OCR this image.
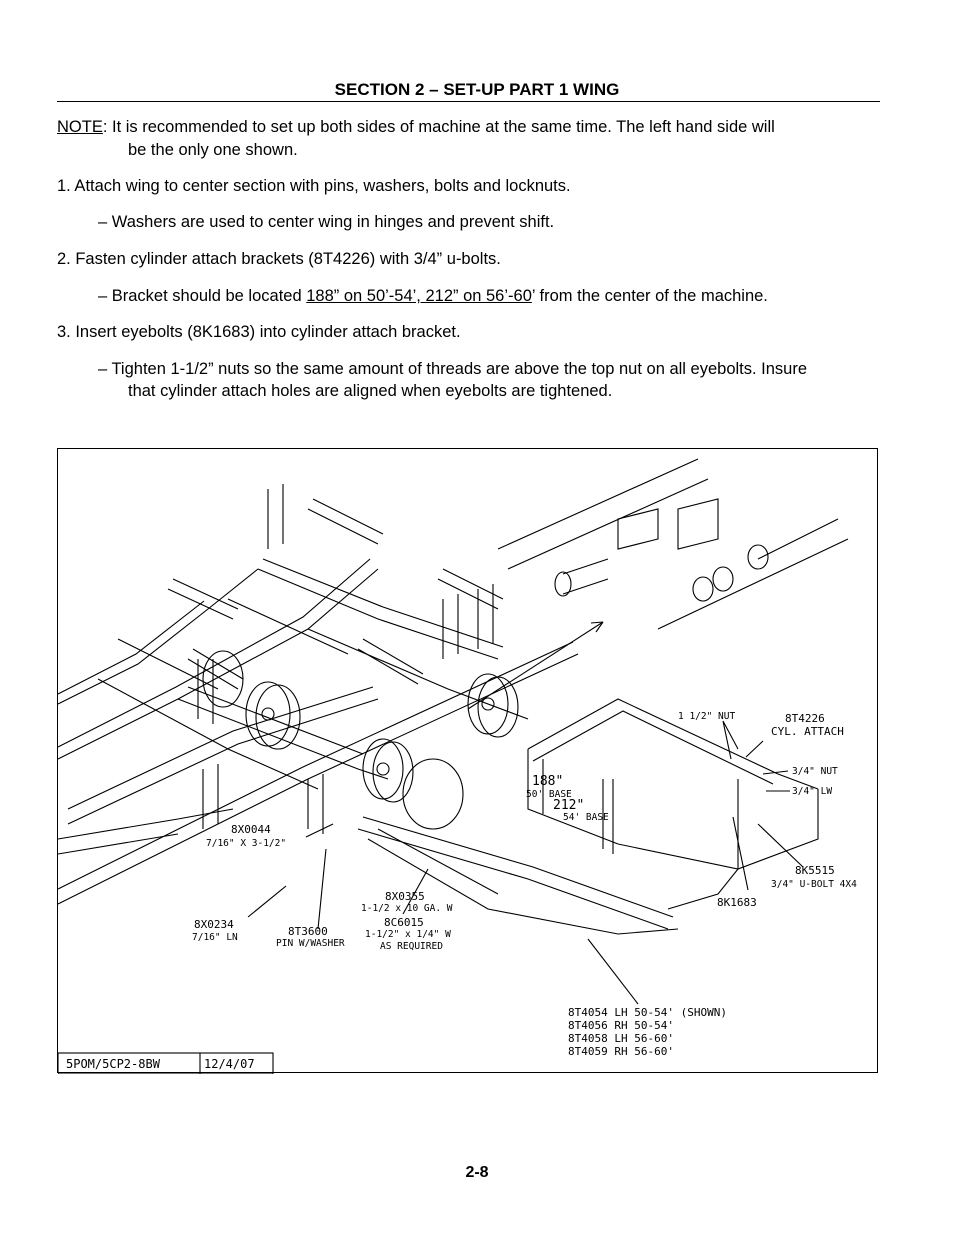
SECTION 2 – SET-UP PART 1 WING

NOTE: It is recommended to set up both sides of machine at the same time. The left hand side will

be the only one shown.

1. Attach wing to center section with pins, washers, bolts and locknuts.

– Washers are used to center wing in hinges and prevent shift.

2. Fasten cylinder attach brackets (8T4226) with 3/4” u-bolts.

– Bracket should be located 188” on 50’-54’, 212” on 56’-60’ from the center of the machine.

3. Insert eyebolts (8K1683) into cylinder attach bracket.

– Tighten 1-1/2” nuts so the same amount of threads are above the top nut on all eyebolts. Insure

that cylinder attach holes are aligned when eyebolts are tightened.

1 1/2" NUT	8T4226
CYL. ATTACH
3/4" NUT
3/4" LW
188"
50' BASE
212"
54' BASE
8X0044
7/16" X 3-1/2"
8X0355
1-1/2 x 10 GA. W
8C6015
1-1/2" x 1/4" W
AS REQUIRED
8K5515
3/4" U-BOLT 4X4
8K1683
8X0234
7/16" LN	8T3600
PIN W/WASHER
8T4054 LH 50-54' (SHOWN)
8T4056 RH 50-54'
8T4058 LH 56-60'
8T4059 RH 56-60'
5POM/5CP2-8BW	12/4/07
2-8
